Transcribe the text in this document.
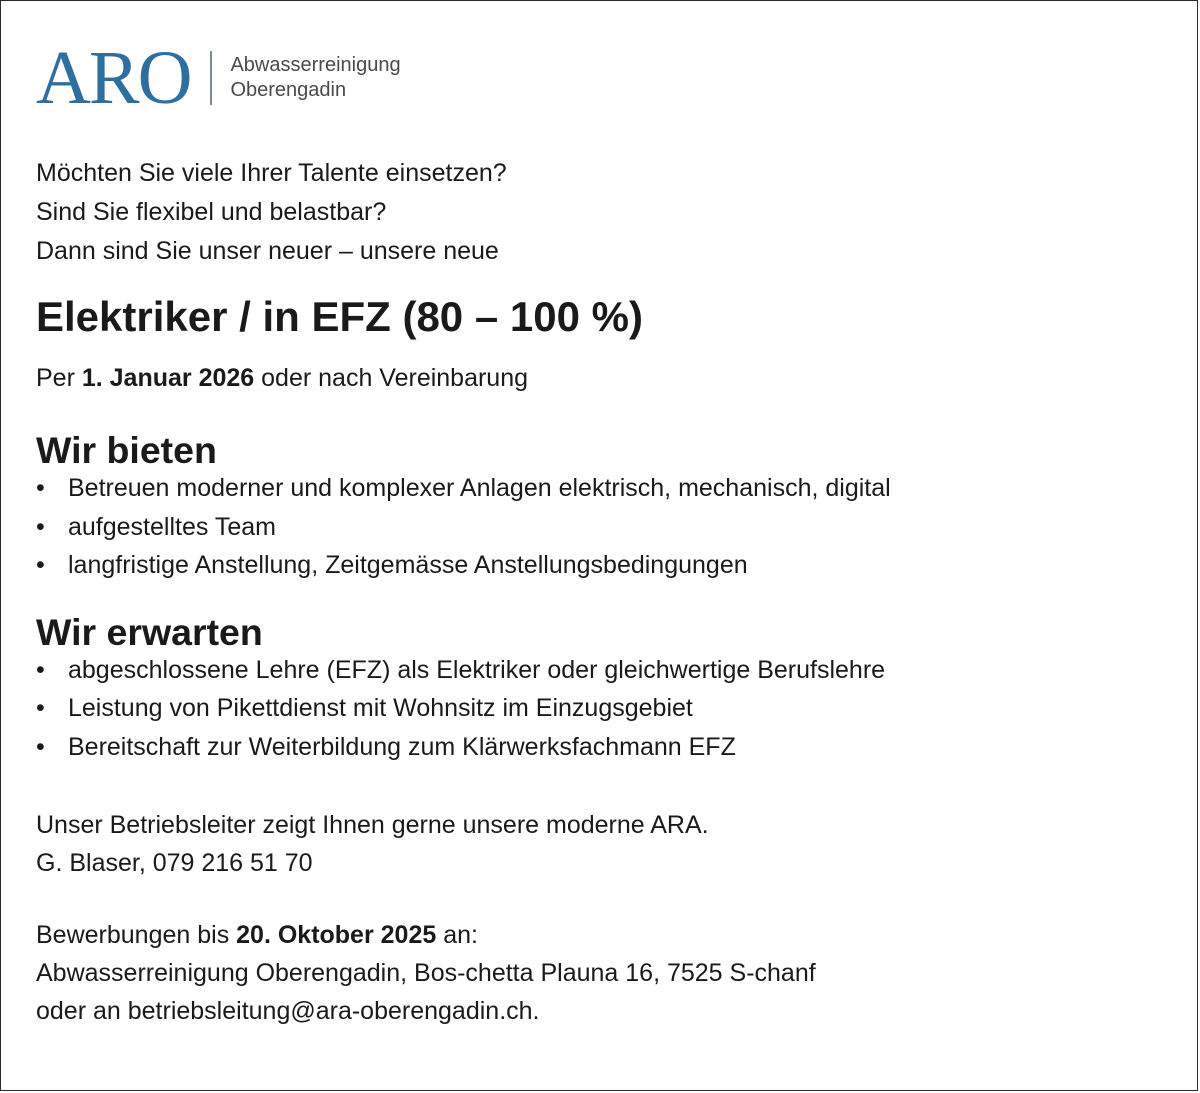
ARO Abwasserreinigung
Oberengadin

Möchten Sie viele Ihrer Talente einsetzen?

Sind Sie flexibel und belastbar?

Dann sind Sie unser neuer – unsere neue

Elektriker / in EFZ (80 – 100 %)

Per 1. Januar 2026 oder nach Vereinbarung

Wir bieten
• Betreuen moderner und komplexer Anlagen elektrisch, mechanisch, digital
• aufgestelltes Team
• langfristige Anstellung, Zeitgemässe Anstellungsbedingungen
Wir erwarten
• abgeschlossene Lehre (EFZ) als Elektriker oder gleichwertige Berufslehre
• Leistung von Pikettdienst mit Wohnsitz im Einzugsgebiet
• Bereitschaft zur Weiterbildung zum Klärwerksfachmann EFZ

Unser Betriebsleiter zeigt Ihnen gerne unsere moderne ARA.

G. Blaser, 079 216 51 70

Bewerbungen bis 20. Oktober 2025 an:

Abwasserreinigung Oberengadin, Bos-chetta Plauna 16, 7525 S-chanf

oder an betriebsleitung@ara-oberengadin.ch.
